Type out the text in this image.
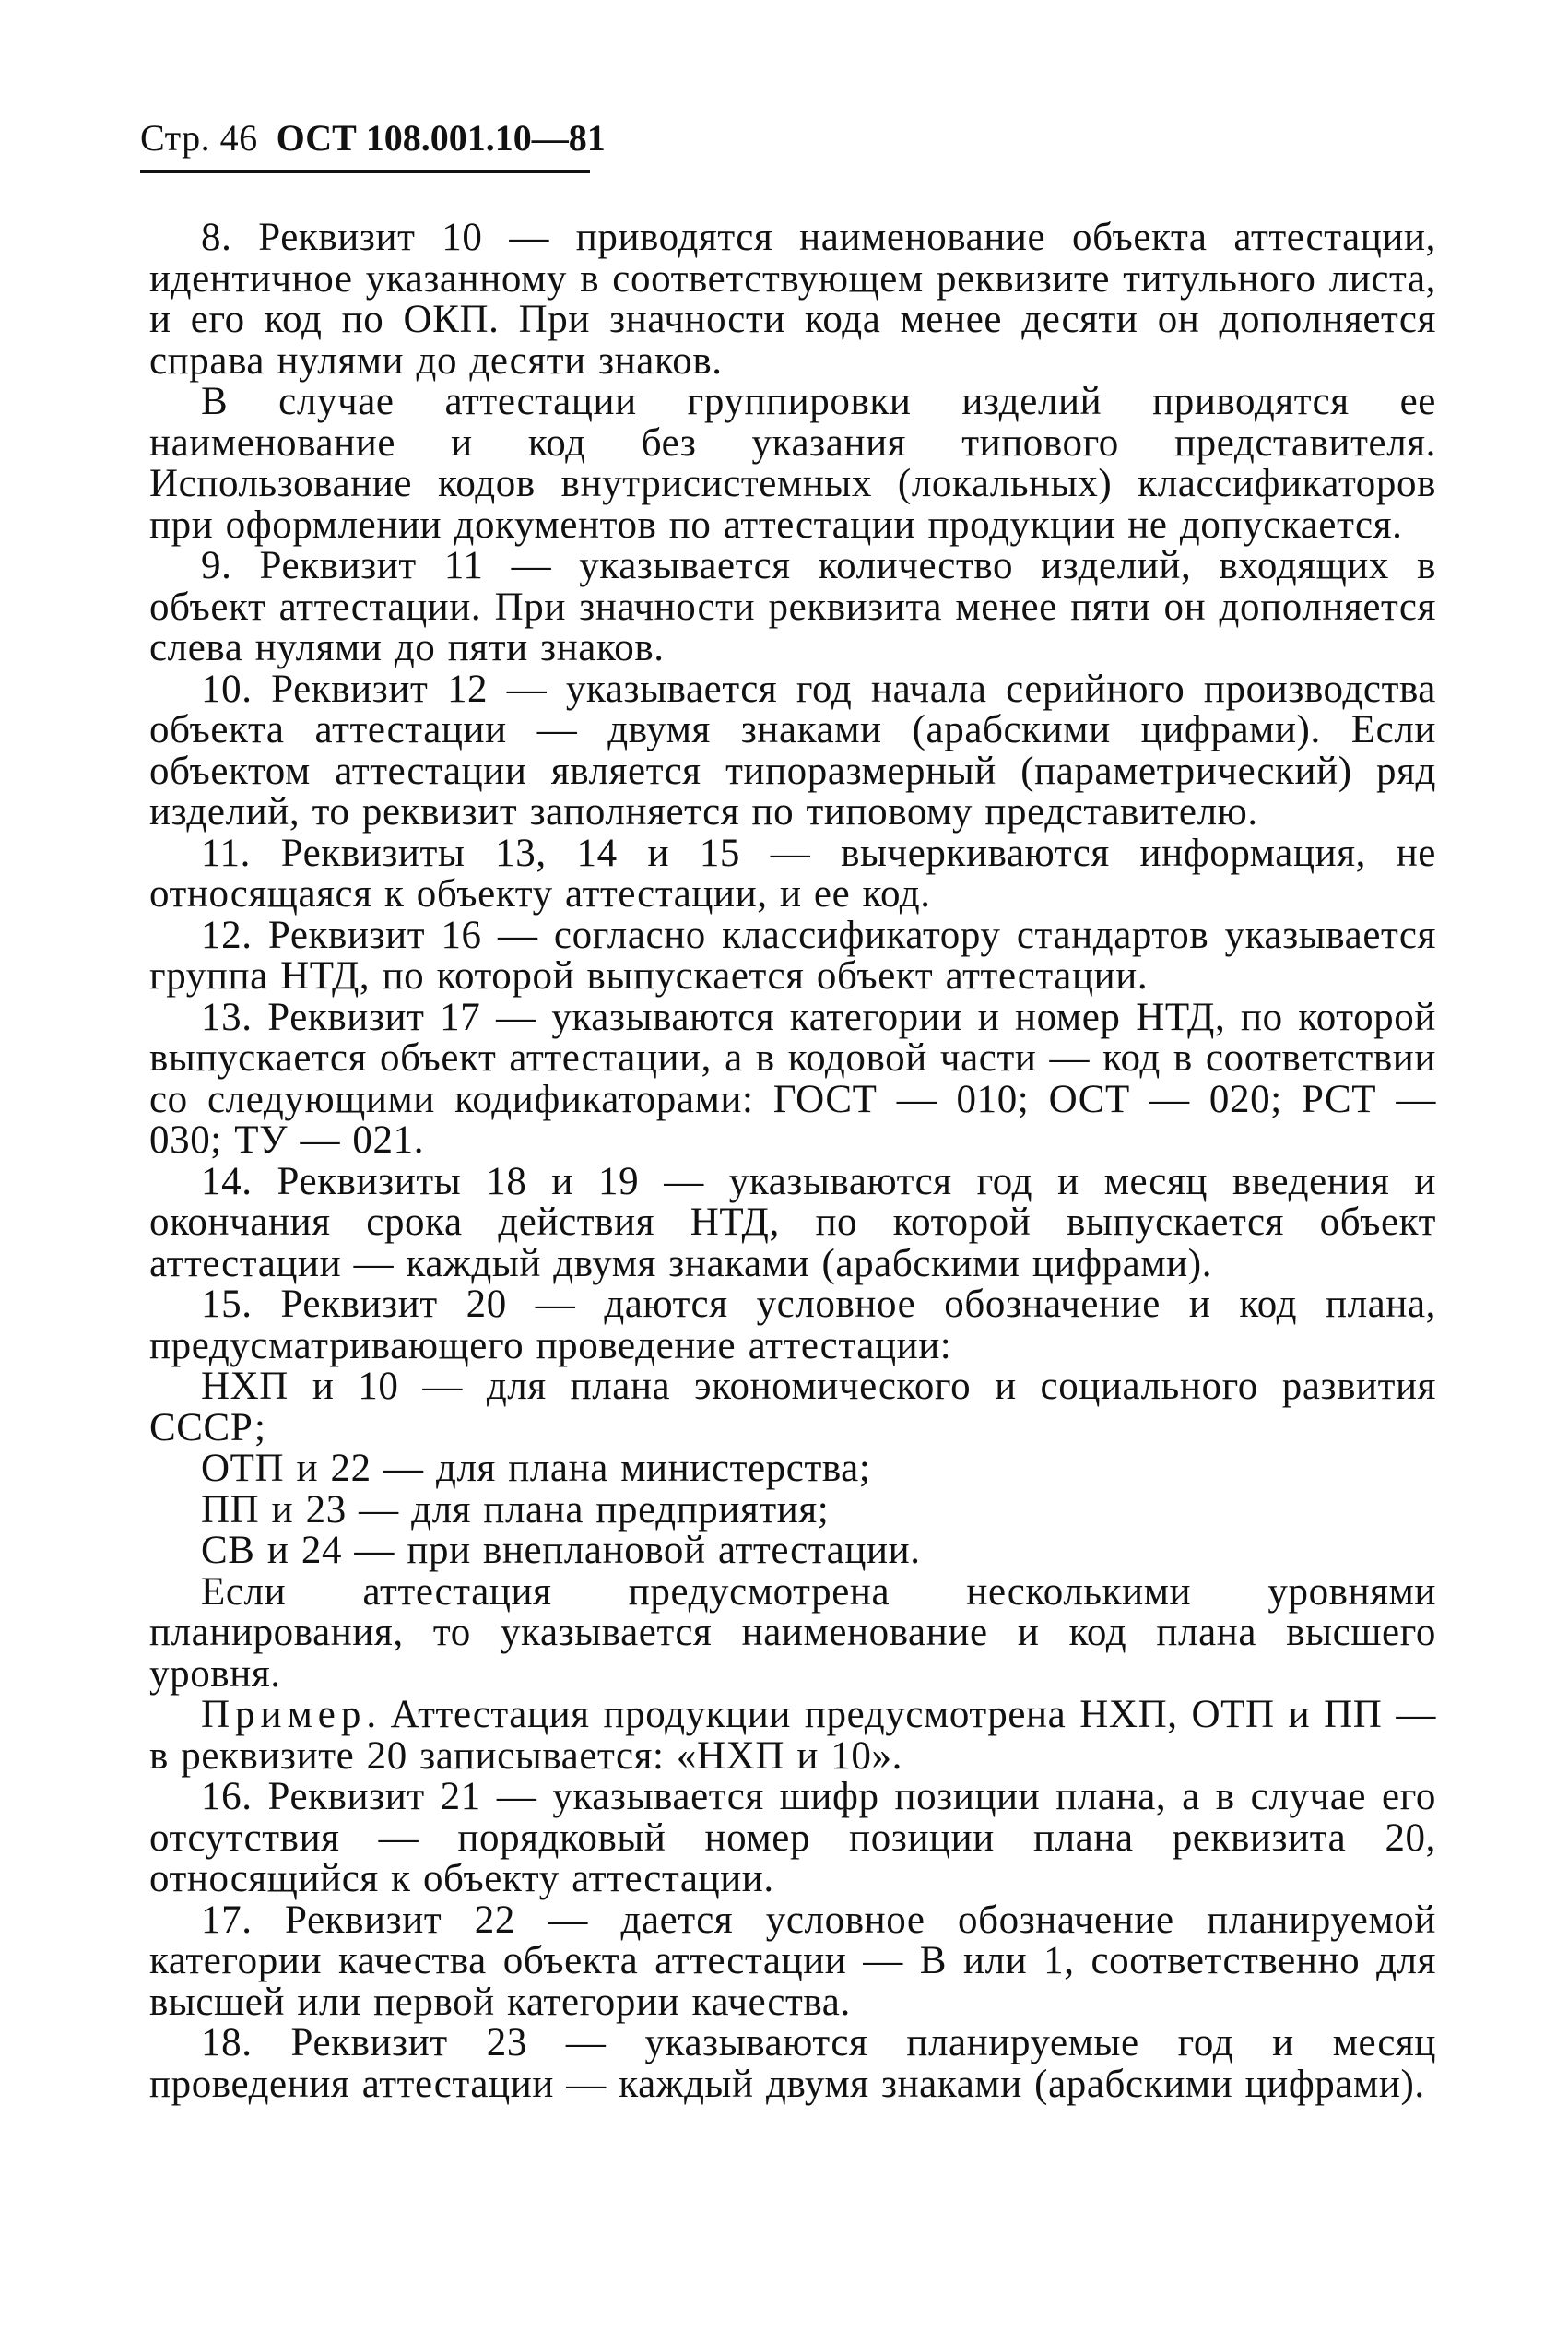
Стр. 46 ОСТ 108.001.10—81

8. Реквизит 10 — приводятся наименование объекта аттестации, идентичное указанному в соответствующем реквизите титульного листа, и его код по ОКП. При значности кода менее десяти он дополняется справа нулями до десяти знаков.

В случае аттестации группировки изделий приводятся ее наименование и код без указания типового представителя. Использование кодов внутрисистемных (локальных) классификаторов при оформлении документов по аттестации продукции не допускается.

9. Реквизит 11 — указывается количество изделий, входящих в объект аттестации. При значности реквизита менее пяти он дополняется слева нулями до пяти знаков.

10. Реквизит 12 — указывается год начала серийного производства объекта аттестации — двумя знаками (арабскими цифрами). Если объектом аттестации является типоразмерный (параметрический) ряд изделий, то реквизит заполняется по типовому представителю.

11. Реквизиты 13, 14 и 15 — вычеркиваются информация, не относящаяся к объекту аттестации, и ее код.

12. Реквизит 16 — согласно классификатору стандартов указывается группа НТД, по которой выпускается объект аттестации.

13. Реквизит 17 — указываются категории и номер НТД, по которой выпускается объект аттестации, а в кодовой части — код в соответствии со следующими кодификаторами: ГОСТ — 010; ОСТ — 020; РСТ — 030; ТУ — 021.

14. Реквизиты 18 и 19 — указываются год и месяц введения и окончания срока действия НТД, по которой выпускается объект аттестации — каждый двумя знаками (арабскими цифрами).

15. Реквизит 20 — даются условное обозначение и код плана, предусматривающего проведение аттестации:

НХП и 10 — для плана экономического и социального развития СССР;

ОТП и 22 — для плана министерства;

ПП и 23 — для плана предприятия;

СВ и 24 — при внеплановой аттестации.

Если аттестация предусмотрена несколькими уровнями планирования, то указывается наименование и код плана высшего уровня.

Пример. Аттестация продукции предусмотрена НХП, ОТП и ПП — в реквизите 20 записывается: «НХП и 10».

16. Реквизит 21 — указывается шифр позиции плана, а в случае его отсутствия — порядковый номер позиции плана реквизита 20, относящийся к объекту аттестации.

17. Реквизит 22 — дается условное обозначение планируемой категории качества объекта аттестации — В или 1, соответственно для высшей или первой категории качества.

18. Реквизит 23 — указываются планируемые год и месяц проведения аттестации — каждый двумя знаками (арабскими цифрами).
